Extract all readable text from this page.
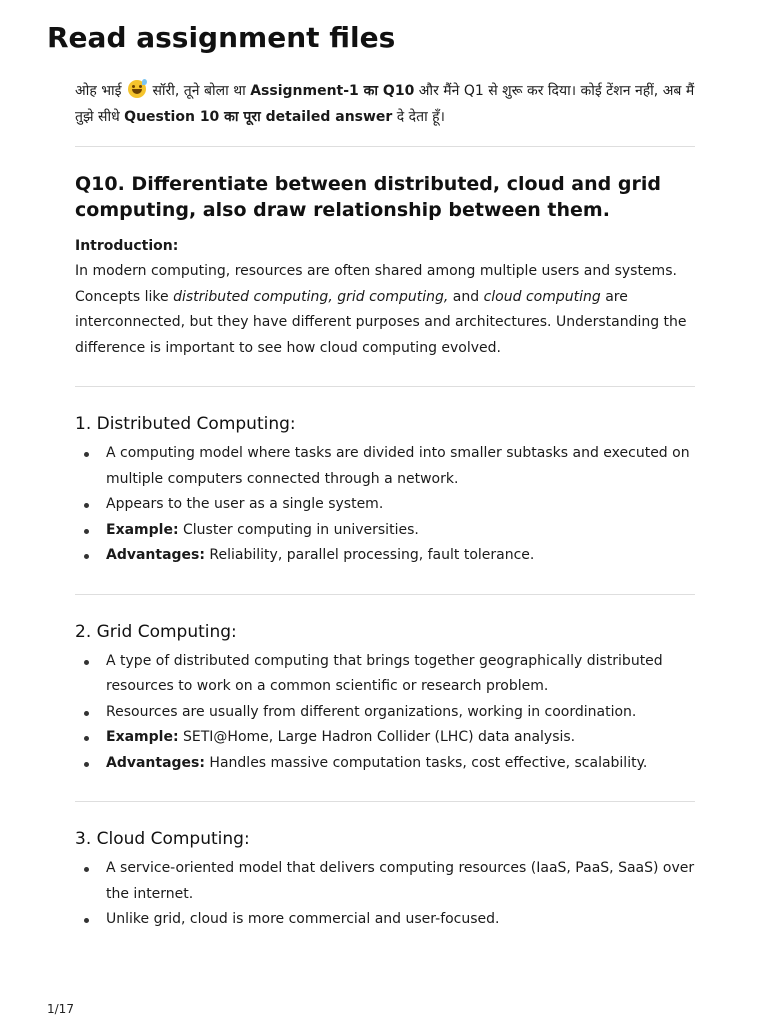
Read assignment files

ओह भाई
सॉरी, तूने बोला था Assignment-1 का Q10 और मैंने Q1 से शुरू कर दिया। कोई टेंशन नहीं, अब मैं तुझे सीधे Question 10 का पूरा detailed answer दे देता हूँ।

Q10. Differentiate between distributed, cloud and grid computing, also draw relationship between them.

Introduction:

In modern computing, resources are often shared among multiple users and systems. Concepts like distributed computing, grid computing, and cloud computing are interconnected, but they have different purposes and architectures. Understanding the difference is important to see how cloud computing evolved.

1. Distributed Computing:
A computing model where tasks are divided into smaller subtasks and executed on multiple computers connected through a network.
Appears to the user as a single system.
Example: Cluster computing in universities.
Advantages: Reliability, parallel processing, fault tolerance.
2. Grid Computing:
A type of distributed computing that brings together geographically distributed resources to work on a common scientific or research problem.
Resources are usually from different organizations, working in coordination.
Example: SETI@Home, Large Hadron Collider (LHC) data analysis.
Advantages: Handles massive computation tasks, cost effective, scalability.
3. Cloud Computing:
A service-oriented model that delivers computing resources (IaaS, PaaS, SaaS) over the internet.
Unlike grid, cloud is more commercial and user-focused.
1/17
